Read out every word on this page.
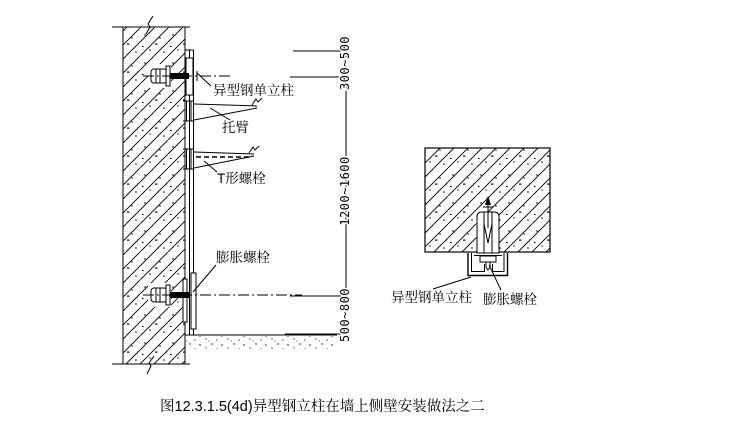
300~500
1200~1600
500~800
异型钢单立柱
托臂
T形螺栓
膨胀螺栓
异型钢单立柱 膨胀螺栓
图12.3.1.5(4d)异型钢立柱在墙上侧壁安装做法之二
